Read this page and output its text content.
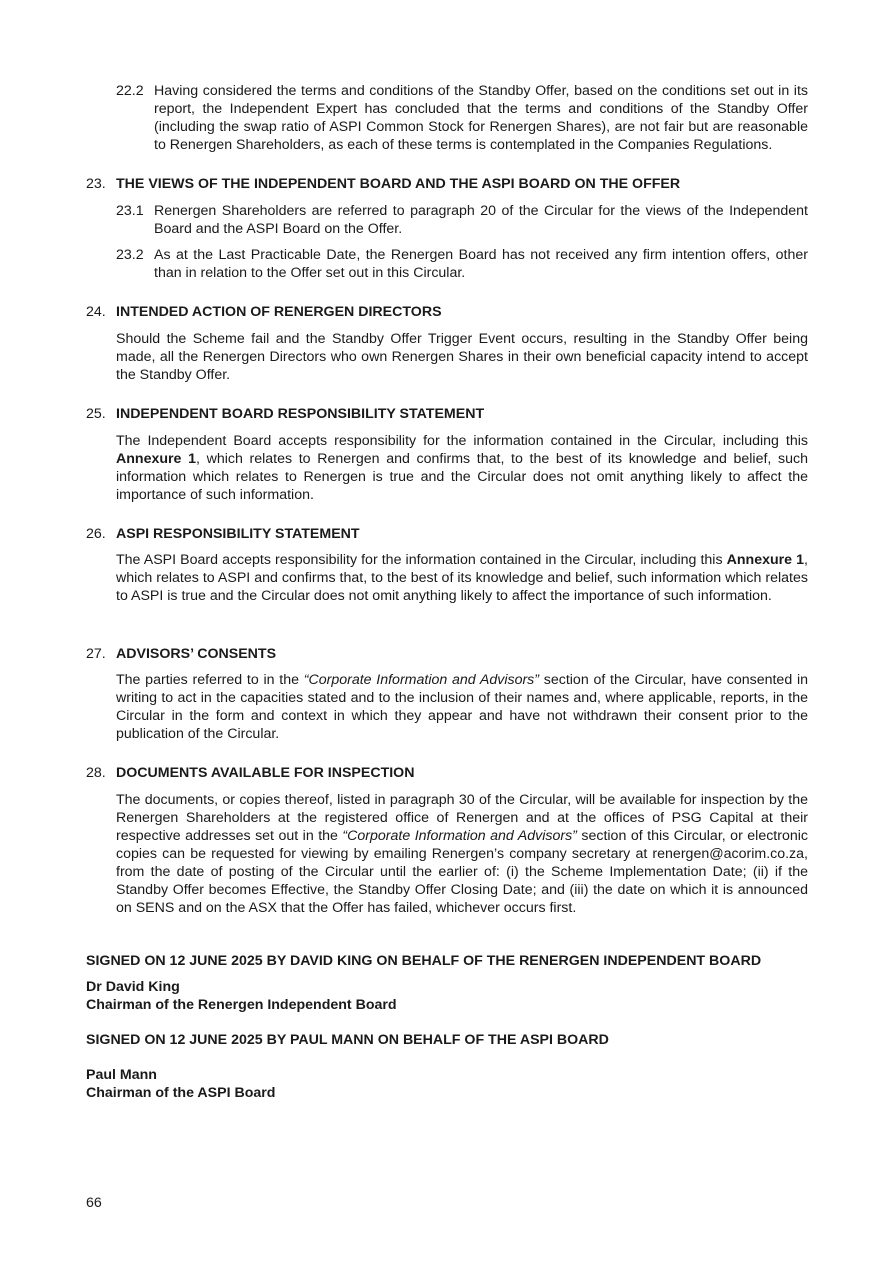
22.2 Having considered the terms and conditions of the Standby Offer, based on the conditions set out in its report, the Independent Expert has concluded that the terms and conditions of the Standby Offer (including the swap ratio of ASPI Common Stock for Renergen Shares), are not fair but are reasonable to Renergen Shareholders, as each of these terms is contemplated in the Companies Regulations.
23. THE VIEWS OF THE INDEPENDENT BOARD AND THE ASPI BOARD ON THE OFFER
23.1 Renergen Shareholders are referred to paragraph 20 of the Circular for the views of the Independent Board and the ASPI Board on the Offer.
23.2 As at the Last Practicable Date, the Renergen Board has not received any firm intention offers, other than in relation to the Offer set out in this Circular.
24. INTENDED ACTION OF RENERGEN DIRECTORS

Should the Scheme fail and the Standby Offer Trigger Event occurs, resulting in the Standby Offer being made, all the Renergen Directors who own Renergen Shares in their own beneficial capacity intend to accept the Standby Offer.

25. INDEPENDENT BOARD RESPONSIBILITY STATEMENT

The Independent Board accepts responsibility for the information contained in the Circular, including this Annexure 1, which relates to Renergen and confirms that, to the best of its knowledge and belief, such information which relates to Renergen is true and the Circular does not omit anything likely to affect the importance of such information.

26. ASPI RESPONSIBILITY STATEMENT

The ASPI Board accepts responsibility for the information contained in the Circular, including this Annexure 1, which relates to ASPI and confirms that, to the best of its knowledge and belief, such information which relates to ASPI is true and the Circular does not omit anything likely to affect the importance of such information.

27. ADVISORS’ CONSENTS

The parties referred to in the “Corporate Information and Advisors” section of the Circular, have consented in writing to act in the capacities stated and to the inclusion of their names and, where applicable, reports, in the Circular in the form and context in which they appear and have not withdrawn their consent prior to the publication of the Circular.

28. DOCUMENTS AVAILABLE FOR INSPECTION

The documents, or copies thereof, listed in paragraph 30 of the Circular, will be available for inspection by the Renergen Shareholders at the registered office of Renergen and at the offices of PSG Capital at their respective addresses set out in the “Corporate Information and Advisors” section of this Circular, or electronic copies can be requested for viewing by emailing Renergen’s company secretary at renergen@acorim.co.za, from the date of posting of the Circular until the earlier of: (i) the Scheme Implementation Date; (ii) if the Standby Offer becomes Effective, the Standby Offer Closing Date; and (iii) the date on which it is announced on SENS and on the ASX that the Offer has failed, whichever occurs first.

SIGNED ON 12 JUNE 2025 BY DAVID KING ON BEHALF OF THE RENERGEN INDEPENDENT BOARD

Dr David King

Chairman of the Renergen Independent Board

SIGNED ON 12 JUNE 2025 BY PAUL MANN ON BEHALF OF THE ASPI BOARD

Paul Mann

Chairman of the ASPI Board

66
